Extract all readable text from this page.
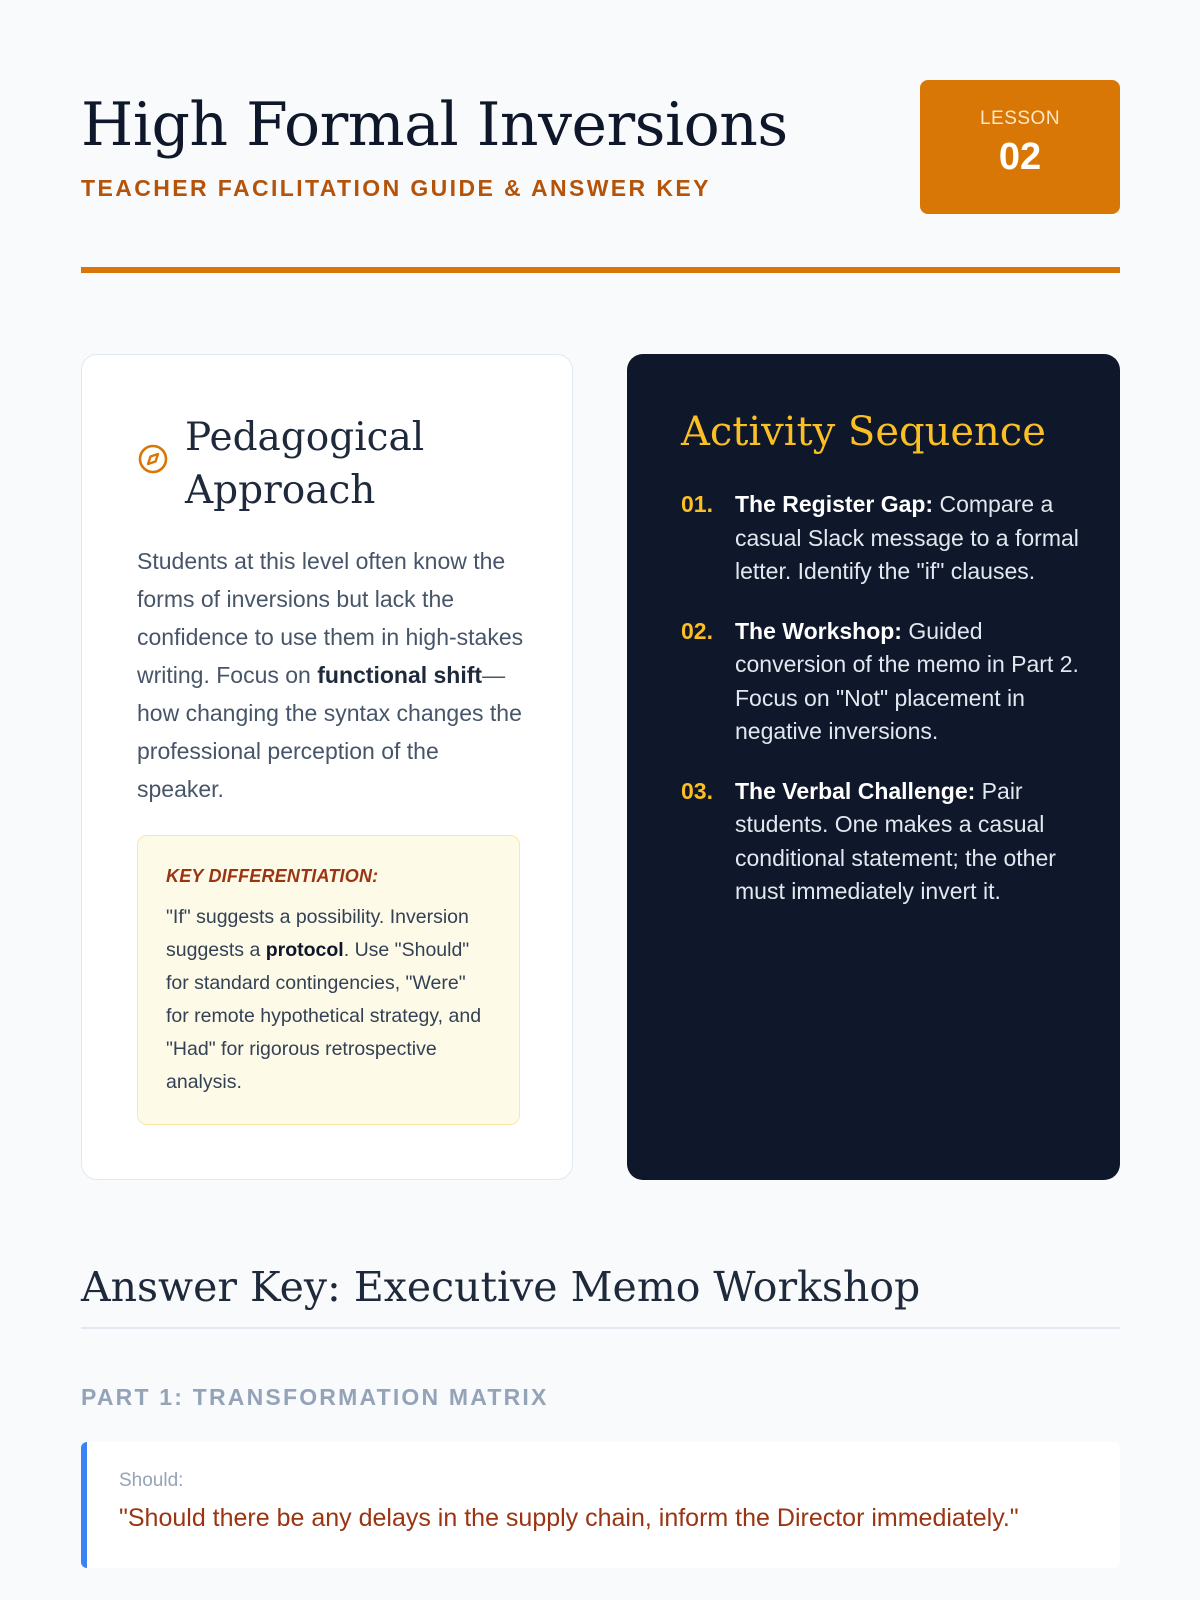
High Formal Inversions
TEACHER FACILITATION GUIDE & ANSWER KEY
LESSON
02
Pedagogical Approach

Students at this level often know the forms of inversions but lack the confidence to use them in high-stakes writing. Focus on functional shift—how changing the syntax changes the professional perception of the speaker.

KEY DIFFERENTIATION:

"If" suggests a possibility. Inversion suggests a protocol. Use "Should" for standard contingencies, "Were" for remote hypothetical strategy, and "Had" for rigorous retrospective analysis.

Activity Sequence
01. The Register Gap: Compare a casual Slack message to a formal letter. Identify the "if" clauses.
02. The Workshop: Guided conversion of the memo in Part 2. Focus on "Not" placement in negative inversions.
03. The Verbal Challenge: Pair students. One makes a casual conditional statement; the other must immediately invert it.
Answer Key: Executive Memo Workshop
PART 1: TRANSFORMATION MATRIX
Should:
"Should there be any delays in the supply chain, inform the Director immediately."
